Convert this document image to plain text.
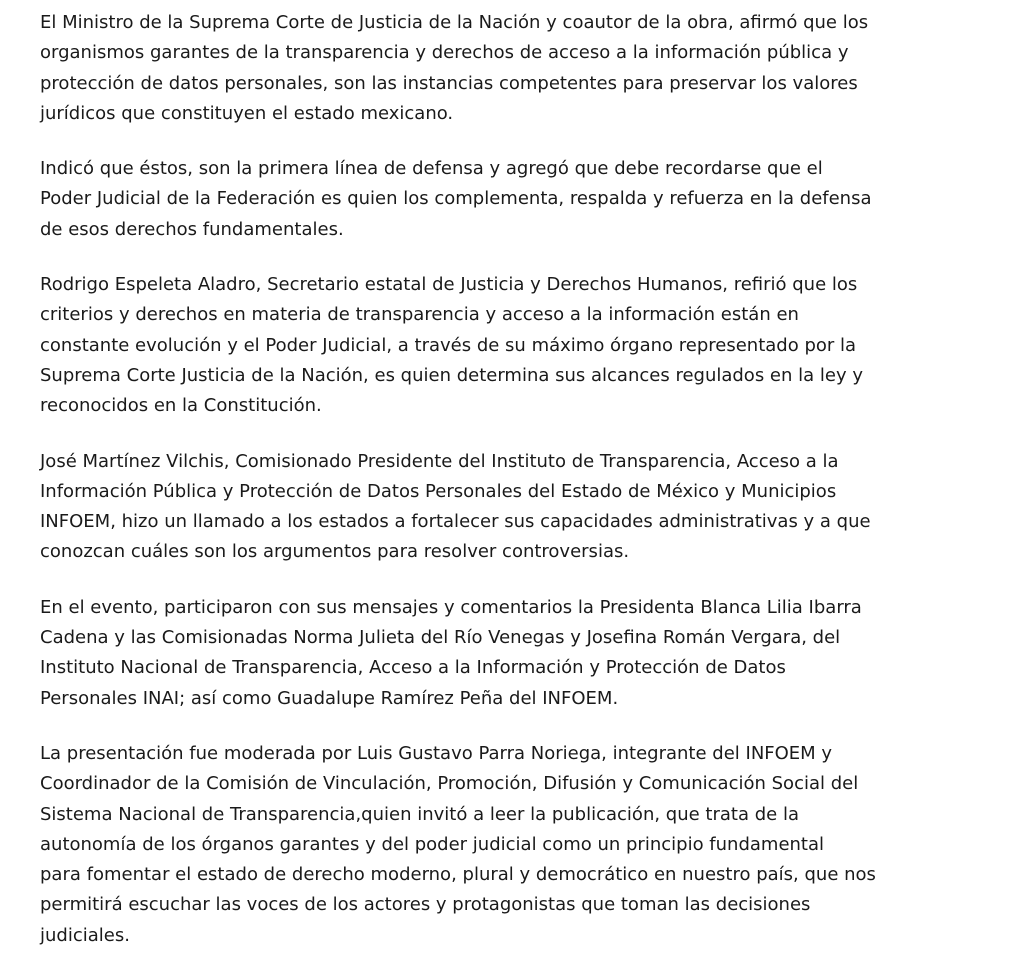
El Ministro de la Suprema Corte de Justicia de la Nación y coautor de la obra, afirmó que los
organismos garantes de la transparencia y derechos de acceso a la información pública y
protección de datos personales, son las instancias competentes para preservar los valores
jurídicos que constituyen el estado mexicano.

Indicó que éstos, son la primera línea de defensa y agregó que debe recordarse que el
Poder Judicial de la Federación es quien los complementa, respalda y refuerza en la defensa
de esos derechos fundamentales.

Rodrigo Espeleta Aladro, Secretario estatal de Justicia y Derechos Humanos, refirió que los
criterios y derechos en materia de transparencia y acceso a la información están en
constante evolución y el Poder Judicial, a través de su máximo órgano representado por la
Suprema Corte Justicia de la Nación, es quien determina sus alcances regulados en la ley y
reconocidos en la Constitución.

José Martínez Vilchis, Comisionado Presidente del Instituto de Transparencia, Acceso a la
Información Pública y Protección de Datos Personales del Estado de México y Municipios
INFOEM, hizo un llamado a los estados a fortalecer sus capacidades administrativas y a que
conozcan cuáles son los argumentos para resolver controversias.

En el evento, participaron con sus mensajes y comentarios la Presidenta Blanca Lilia Ibarra
Cadena y las Comisionadas Norma Julieta del Río Venegas y Josefina Román Vergara, del
Instituto Nacional de Transparencia, Acceso a la Información y Protección de Datos
Personales INAI; así como Guadalupe Ramírez Peña del INFOEM.

La presentación fue moderada por Luis Gustavo Parra Noriega, integrante del INFOEM y
Coordinador de la Comisión de Vinculación, Promoción, Difusión y Comunicación Social del
Sistema Nacional de Transparencia,quien invitó a leer la publicación, que trata de la
autonomía de los órganos garantes y del poder judicial como un principio fundamental
para fomentar el estado de derecho moderno, plural y democrático en nuestro país, que nos
permitirá escuchar las voces de los actores y protagonistas que toman las decisiones
judiciales.
